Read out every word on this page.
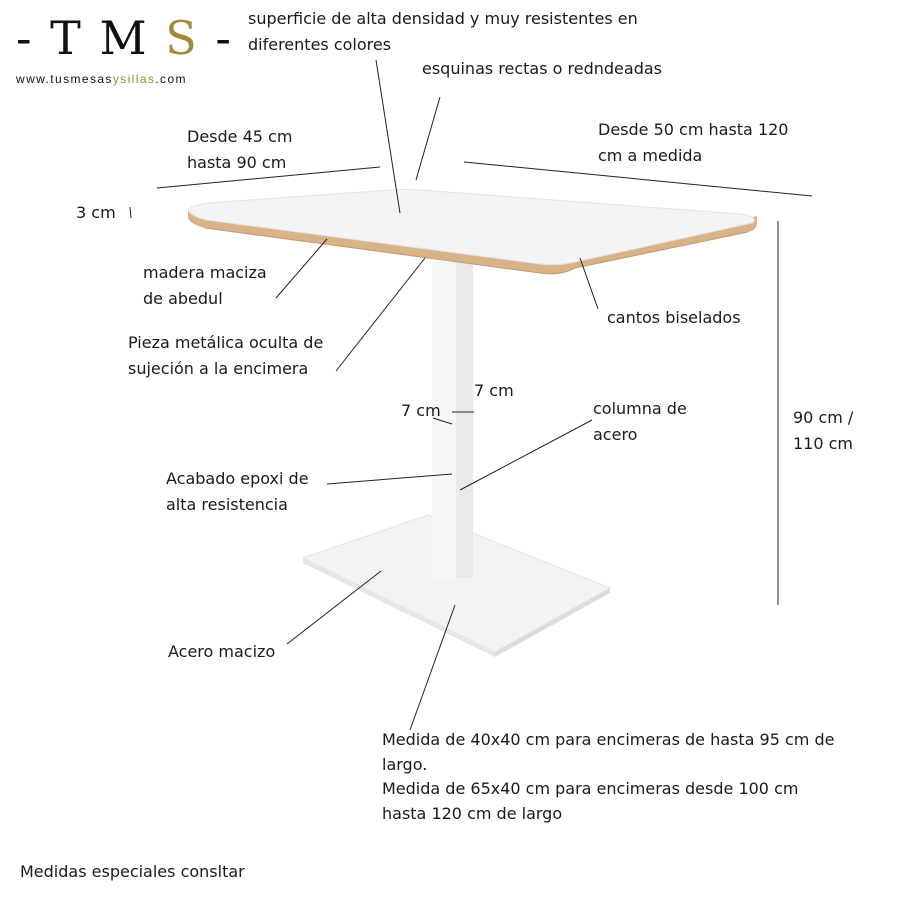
- T M S -
www.tusmesasysillas.com
superficie de alta densidad y muy resistentes en
diferentes colores
esquinas rectas o redndeadas
Desde 45 cm
hasta 90 cm
Desde 50 cm hasta 120
cm a medida
3 cm
madera maciza
de abedul
cantos biselados
Pieza metálica oculta de
sujeción a la encimera
7 cm
7 cm	columna de
acero
90 cm /
110 cm
Acabado epoxi de
alta resistencia
Acero macizo
Medida de 40x40 cm para encimeras de hasta 95 cm de
largo.
Medida de 65x40 cm para encimeras desde 100 cm
hasta 120 cm de largo
Medidas especiales consltar
